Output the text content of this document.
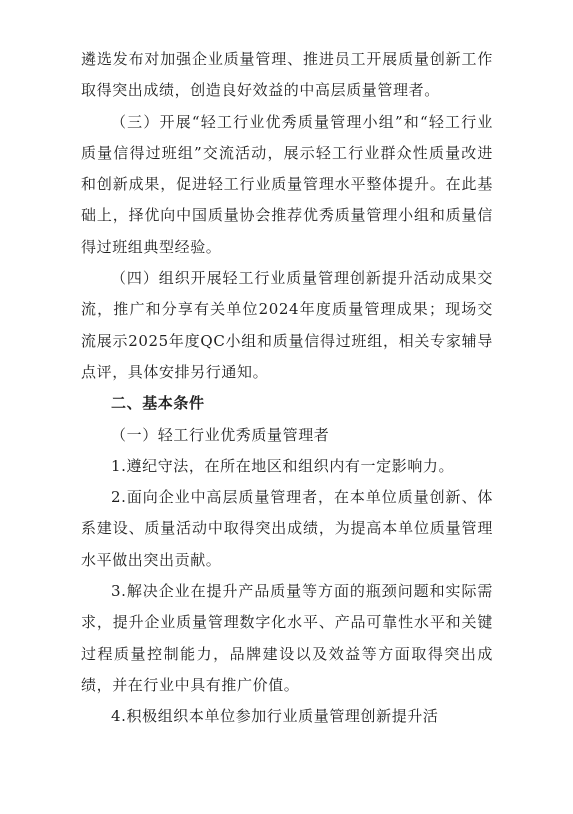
遴选发布对加强企业质量管理、推进员工开展质量创新工作取得突出成绩，创造良好效益的中高层质量管理者。

（三）开展“轻工行业优秀质量管理小组”和“轻工行业质量信得过班组”交流活动，展示轻工行业群众性质量改进和创新成果，促进轻工行业质量管理水平整体提升。在此基础上，择优向中国质量协会推荐优秀质量管理小组和质量信得过班组典型经验。

（四）组织开展轻工行业质量管理创新提升活动成果交流，推广和分享有关单位2024年度质量管理成果；现场交流展示2025年度QC小组和质量信得过班组，相关专家辅导点评，具体安排另行通知。

二、基本条件

（一）轻工行业优秀质量管理者

1.遵纪守法，在所在地区和组织内有一定影响力。

2.面向企业中高层质量管理者，在本单位质量创新、体系建设、质量活动中取得突出成绩，为提高本单位质量管理水平做出突出贡献。

3.解决企业在提升产品质量等方面的瓶颈问题和实际需求，提升企业质量管理数字化水平、产品可靠性水平和关键过程质量控制能力，品牌建设以及效益等方面取得突出成绩，并在行业中具有推广价值。

4.积极组织本单位参加行业质量管理创新提升活
